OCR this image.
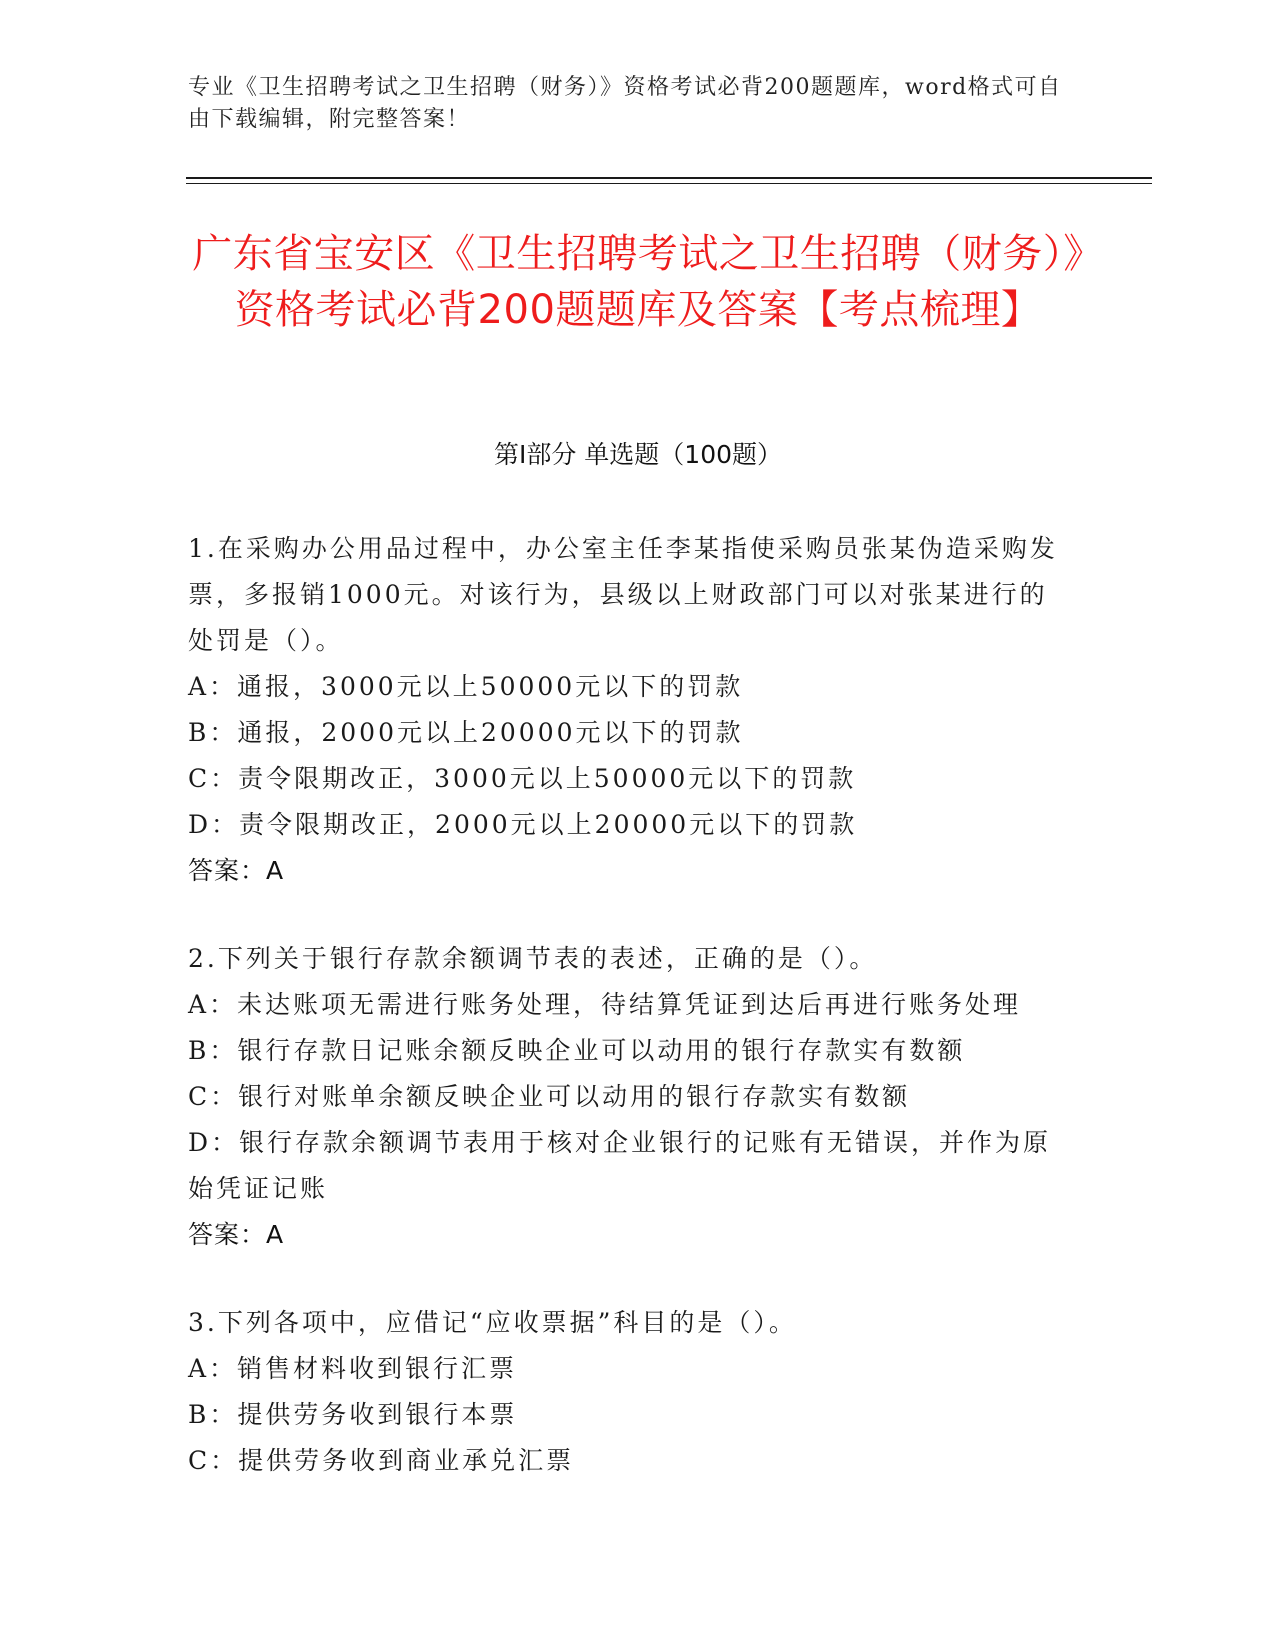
专业《卫生招聘考试之卫生招聘（财务）》资格考试必背200题题库，word格式可自由下载编辑，附完整答案！
广东省宝安区《卫生招聘考试之卫生招聘（财务）》资格考试必背200题题库及答案【考点梳理】
第I部分 单选题（100题）
1.在采购办公用品过程中，办公室主任李某指使采购员张某伪造采购发票，多报销1000元。对该行为，县级以上财政部门可以对张某进行的处罚是（）。
A：通报，3000元以上50000元以下的罚款
B：通报，2000元以上20000元以下的罚款
C：责令限期改正，3000元以上50000元以下的罚款
D：责令限期改正，2000元以上20000元以下的罚款
答案：A
2.下列关于银行存款余额调节表的表述，正确的是（）。
A：未达账项无需进行账务处理，待结算凭证到达后再进行账务处理
B：银行存款日记账余额反映企业可以动用的银行存款实有数额
C：银行对账单余额反映企业可以动用的银行存款实有数额
D：银行存款余额调节表用于核对企业银行的记账有无错误，并作为原始凭证记账
答案：A
3.下列各项中，应借记“应收票据”科目的是（）。
A：销售材料收到银行汇票
B：提供劳务收到银行本票
C：提供劳务收到商业承兑汇票
